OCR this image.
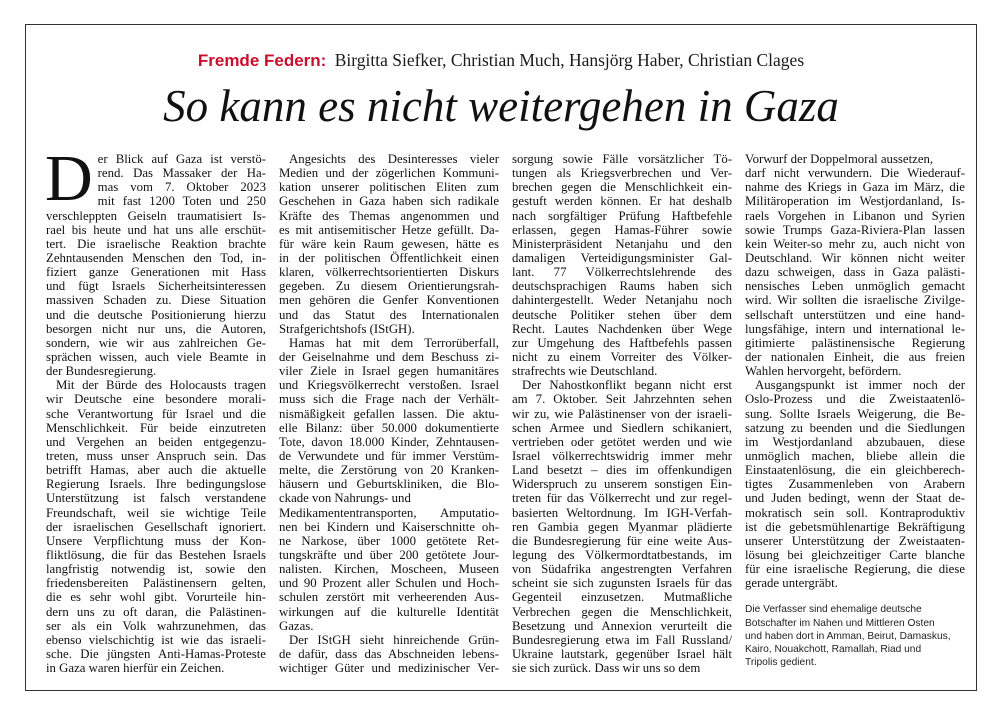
Fremde Federn: Birgitta Siefker, Christian Much, Hansjörg Haber, Christian Clages
So kann es nicht weitergehen in Gaza
D er Blick auf Gaza ist verstö-
rend. Das Massaker der Ha-
mas vom 7. Oktober 2023
mit fast 1200 Toten und 250
verschleppten Geiseln traumatisiert Is-
rael bis heute und hat uns alle erschüt-
tert. Die israelische Reaktion brachte
Zehntausenden Menschen den Tod, in-
fiziert ganze Generationen mit Hass
und fügt Israels Sicherheitsinteressen
massiven Schaden zu. Diese Situation
und die deutsche Positionierung hierzu
besorgen nicht nur uns, die Autoren,
sondern, wie wir aus zahlreichen Ge-
sprächen wissen, auch viele Beamte in
der Bundesregierung.
Mit der Bürde des Holocausts tragen
wir Deutsche eine besondere morali-
sche Verantwortung für Israel und die
Menschlichkeit. Für beide einzutreten
und Vergehen an beiden entgegenzu-
treten, muss unser Anspruch sein. Das
betrifft Hamas, aber auch die aktuelle
Regierung Israels. Ihre bedingungslose
Unterstützung ist falsch verstandene
Freundschaft, weil sie wichtige Teile
der israelischen Gesellschaft ignoriert.
Unsere Verpflichtung muss der Kon-
fliktlösung, die für das Bestehen Israels
langfristig notwendig ist, sowie den
friedensbereiten Palästinensern gelten,
die es sehr wohl gibt. Vorurteile hin-
dern uns zu oft daran, die Palästinen-
ser als ein Volk wahrzunehmen, das
ebenso vielschichtig ist wie das israeli-
sche. Die jüngsten Anti-Hamas-Proteste
in Gaza waren hierfür ein Zeichen.
Angesichts des Desinteresses vieler
Medien und der zögerlichen Kommuni-
kation unserer politischen Eliten zum
Geschehen in Gaza haben sich radikale
Kräfte des Themas angenommen und
es mit antisemitischer Hetze gefüllt. Da-
für wäre kein Raum gewesen, hätte es
in der politischen Öffentlichkeit einen
klaren, völkerrechtsorientierten Diskurs
gegeben. Zu diesem Orientierungsrah-
men gehören die Genfer Konventionen
und das Statut des Internationalen
Strafgerichtshofs (IStGH).
Hamas hat mit dem Terrorüberfall,
der Geiselnahme und dem Beschuss zi-
viler Ziele in Israel gegen humanitäres
und Kriegsvölkerrecht verstoßen. Israel
muss sich die Frage nach der Verhält-
nismäßigkeit gefallen lassen. Die aktu-
elle Bilanz: über 50.000 dokumentierte
Tote, davon 18.000 Kinder, Zehntausen-
de Verwundete und für immer Verstüm-
melte, die Zerstörung von 20 Kranken-
häusern und Geburtskliniken, die Blo-
ckade von Nahrungs- und
Medikamententransporten, Amputatio-
nen bei Kindern und Kaiserschnitte oh-
ne Narkose, über 1000 getötete Ret-
tungskräfte und über 200 getötete Jour-
nalisten. Kirchen, Moscheen, Museen
und 90 Prozent aller Schulen und Hoch-
schulen zerstört mit verheerenden Aus-
wirkungen auf die kulturelle Identität
Gazas.
Der IStGH sieht hinreichende Grün-
de dafür, dass das Abschneiden lebens-
wichtiger Güter und medizinischer Ver-
sorgung sowie Fälle vorsätzlicher Tö-
tungen als Kriegsverbrechen und Ver-
brechen gegen die Menschlichkeit ein-
gestuft werden können. Er hat deshalb
nach sorgfältiger Prüfung Haftbefehle
erlassen, gegen Hamas-Führer sowie
Ministerpräsident Netanjahu und den
damaligen Verteidigungsminister Gal-
lant. 77 Völkerrechtslehrende des
deutschsprachigen Raums haben sich
dahintergestellt. Weder Netanjahu noch
deutsche Politiker stehen über dem
Recht. Lautes Nachdenken über Wege
zur Umgehung des Haftbefehls passen
nicht zu einem Vorreiter des Völker-
strafrechts wie Deutschland.
Der Nahostkonflikt begann nicht erst
am 7. Oktober. Seit Jahrzehnten sehen
wir zu, wie Palästinenser von der israeli-
schen Armee und Siedlern schikaniert,
vertrieben oder getötet werden und wie
Israel völkerrechtswidrig immer mehr
Land besetzt – dies im offenkundigen
Widerspruch zu unserem sonstigen Ein-
treten für das Völkerrecht und zur regel-
basierten Weltordnung. Im IGH-Verfah-
ren Gambia gegen Myanmar plädierte
die Bundesregierung für eine weite Aus-
legung des Völkermordtatbestands, im
von Südafrika angestrengten Verfahren
scheint sie sich zugunsten Israels für das
Gegenteil einzusetzen. Mutmaßliche
Verbrechen gegen die Menschlichkeit,
Besetzung und Annexion verurteilt die
Bundesregierung etwa im Fall Russland/
Ukraine lautstark, gegenüber Israel hält
sie sich zurück. Dass wir uns so dem
Vorwurf der Doppelmoral aussetzen,
darf nicht verwundern. Die Wiederauf-
nahme des Kriegs in Gaza im März, die
Militäroperation im Westjordanland, Is-
raels Vorgehen in Libanon und Syrien
sowie Trumps Gaza-Riviera-Plan lassen
kein Weiter-so mehr zu, auch nicht von
Deutschland. Wir können nicht weiter
dazu schweigen, dass in Gaza palästi-
nensisches Leben unmöglich gemacht
wird. Wir sollten die israelische Zivilge-
sellschaft unterstützen und eine hand-
lungsfähige, intern und international le-
gitimierte palästinensische Regierung
der nationalen Einheit, die aus freien
Wahlen hervorgeht, befördern.
Ausgangspunkt ist immer noch der
Oslo-Prozess und die Zweistaatenlö-
sung. Sollte Israels Weigerung, die Be-
satzung zu beenden und die Siedlungen
im Westjordanland abzubauen, diese
unmöglich machen, bliebe allein die
Einstaatenlösung, die ein gleichberech-
tigtes Zusammenleben von Arabern
und Juden bedingt, wenn der Staat de-
mokratisch sein soll. Kontraproduktiv
ist die gebetsmühlenartige Bekräftigung
unserer Unterstützung der Zweistaaten-
lösung bei gleichzeitiger Carte blanche
für eine israelische Regierung, die diese
gerade untergräbt.
Die Verfasser sind ehemalige deutsche
Botschafter im Nahen und Mittleren Osten
und haben dort in Amman, Beirut, Damaskus,
Kairo, Nouakchott, Ramallah, Riad und
Tripolis gedient.
